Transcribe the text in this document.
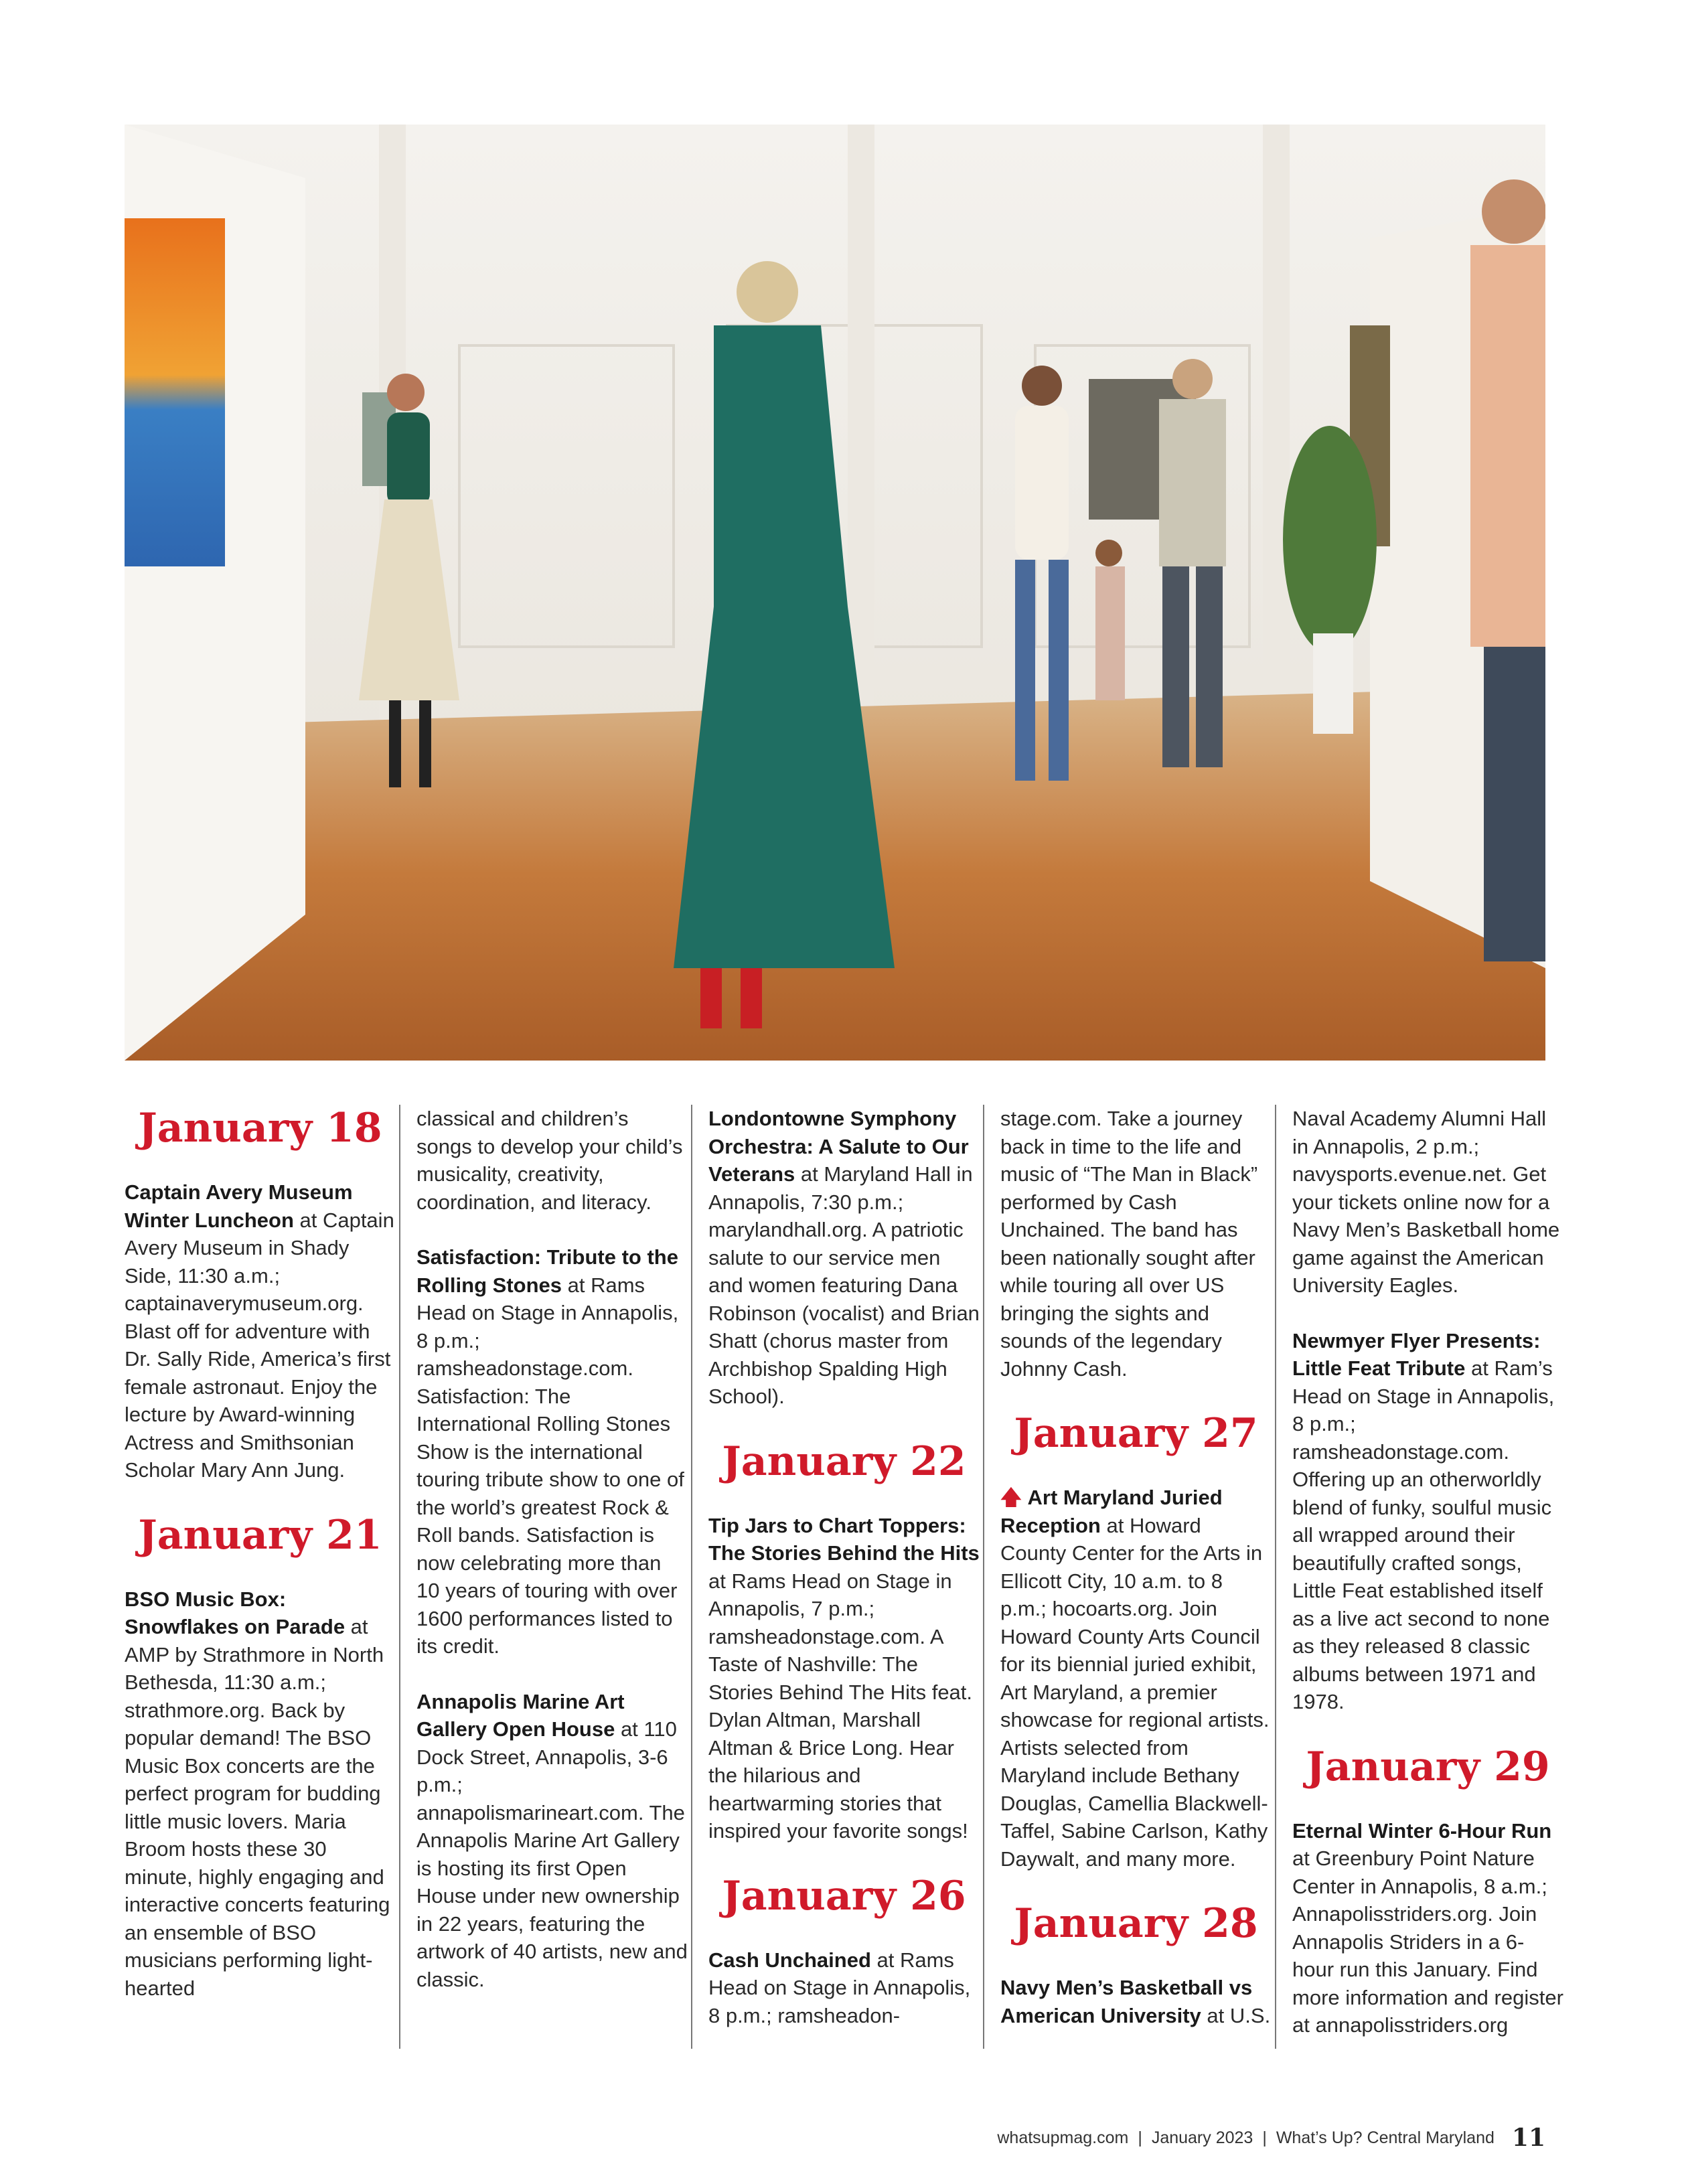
January 18

Captain Avery Museum Winter Luncheon at Captain Avery Museum in Shady Side, 11:30 a.m.; captainaverymuseum.org. Blast off for adventure with Dr. Sally Ride, America’s first female astronaut. Enjoy the lecture by Award-winning Actress and Smithsonian Scholar Mary Ann Jung.

January 21

BSO Music Box: Snowflakes on Parade at AMP by Strathmore in North Bethesda, 11:30 a.m.; strathmore.org. Back by popular demand! The BSO Music Box concerts are the perfect program for budding little music lovers. Maria Broom hosts these 30 minute, highly engaging and interactive concerts featuring an ensemble of BSO musicians performing light-hearted

classical and children’s songs to develop your child’s musicality, creativity, coordination, and literacy.

Satisfaction: Tribute to the Rolling Stones at Rams Head on Stage in Annapolis, 8 p.m.; ramsheadonstage.com. Satisfaction: The International Rolling Stones Show is the international touring tribute show to one of the world’s greatest Rock & Roll bands. Satisfaction is now celebrating more than 10 years of touring with over 1600 performances listed to its credit.

Annapolis Marine Art Gallery Open House at 110 Dock Street, Annapolis, 3-6 p.m.; annapolismarineart.com. The Annapolis Marine Art Gallery is hosting its first Open House under new ownership in 22 years, featuring the artwork of 40 artists, new and classic.

Londontowne Symphony Orchestra: A Salute to Our Veterans at Maryland Hall in Annapolis, 7:30 p.m.; marylandhall.org. A patriotic salute to our service men and women featuring Dana Robinson (vocalist) and Brian Shatt (chorus master from Archbishop Spalding High School).

January 22

Tip Jars to Chart Toppers: The Stories Behind the Hits at Rams Head on Stage in Annapolis, 7 p.m.; ramsheadonstage.com. A Taste of Nashville: The Stories Behind The Hits feat. Dylan Altman, Marshall Altman & Brice Long. Hear the hilarious and heartwarming stories that inspired your favorite songs!

January 26

Cash Unchained at Rams Head on Stage in Annapolis, 8 p.m.; ramsheadon-

stage.com. Take a journey back in time to the life and music of “The Man in Black” performed by Cash Unchained. The band has been nationally sought after while touring all over US bringing the sights and sounds of the legendary Johnny Cash.

January 27

🡅 Art Maryland Juried Reception at Howard County Center for the Arts in Ellicott City, 10 a.m. to 8 p.m.; hocoarts.org. Join Howard County Arts Council for its biennial juried exhibit, Art Maryland, a premier showcase for regional artists. Artists selected from Maryland include Bethany Douglas, Camellia Blackwell-Taffel, Sabine Carlson, Kathy Daywalt, and many more.

January 28

Navy Men’s Basketball vs American University at U.S.

Naval Academy Alumni Hall in Annapolis, 2 p.m.; navysports.evenue.net. Get your tickets online now for a Navy Men’s Basketball home game against the American University Eagles.

Newmyer Flyer Presents: Little Feat Tribute at Ram’s Head on Stage in Annapolis, 8 p.m.; ramsheadonstage.com. Offering up an otherworldly blend of funky, soulful music all wrapped around their beautifully crafted songs, Little Feat established itself as a live act second to none as they released 8 classic albums between 1971 and 1978.

January 29

Eternal Winter 6-Hour Run at Greenbury Point Nature Center in Annapolis, 8 a.m.; Annapolisstriders.org. Join Annapolis Striders in a 6-hour run this January. Find more information and register at annapolisstriders.org

whatsupmag.com | January 2023 | What’s Up? Central Maryland 11
